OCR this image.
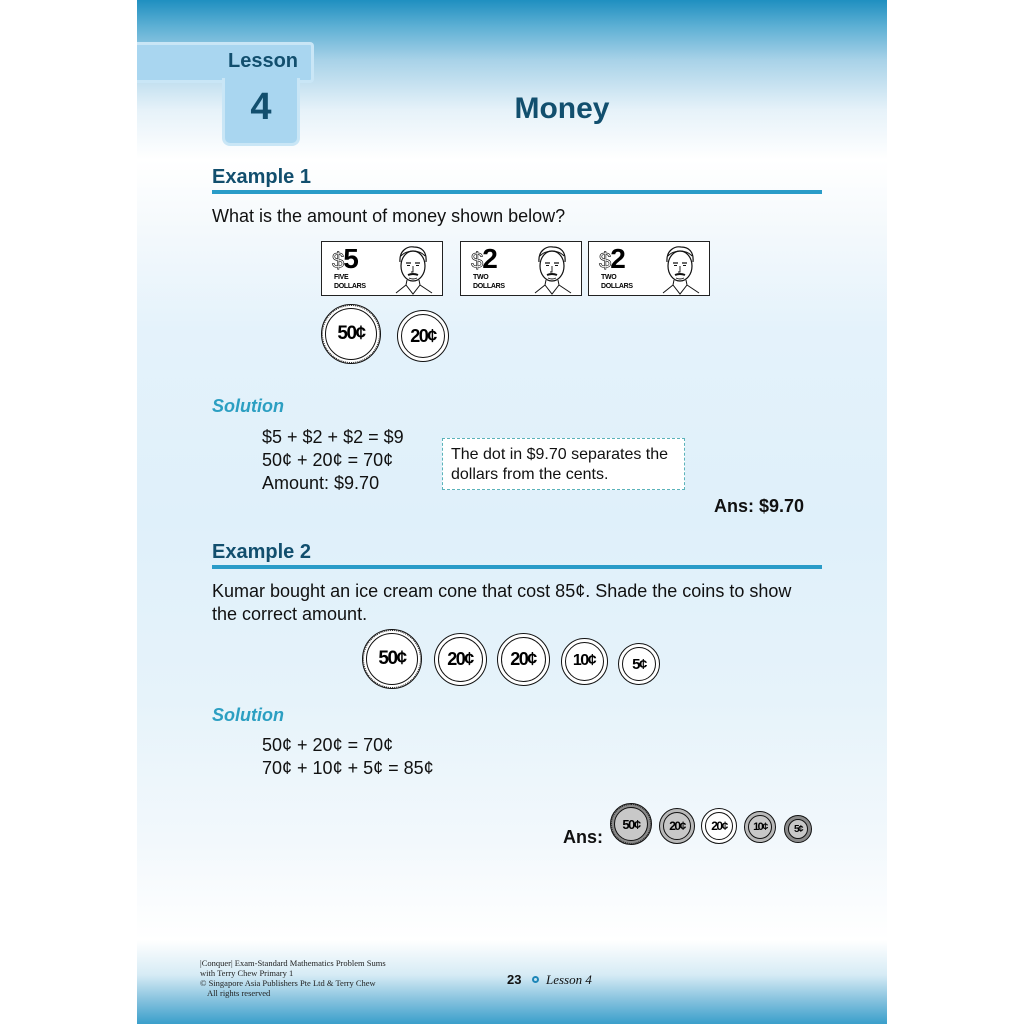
Lesson
4	Money
Example 1
What is the amount of money shown below?
Solution
$5 + $2 + $2 = $9
50¢ + 20¢ = 70¢
Amount: $9.70
The dot in $9.70 separates the
dollars from the cents.
Ans: $9.70
Example 2
Kumar bought an ice cream cone that cost 85¢. Shade the coins to show
the correct amount.
Solution
50¢ + 20¢ = 70¢
70¢ + 10¢ + 5¢ = 85¢
Ans:
|Conquer| Exam-Standard Mathematics Problem Sums
with Terry Chew Primary 1
© Singapore Asia Publishers Pte Ltd & Terry Chew
All rights reserved
23 Lesson 4
$5
FIVE
DOLLARS
$2
TWO
DOLLARS
$2
TWO
DOLLARS
50¢	20¢
50¢ 20¢ 20¢ 10¢ 5¢
50¢ 20¢ 20¢ 10¢	5¢
